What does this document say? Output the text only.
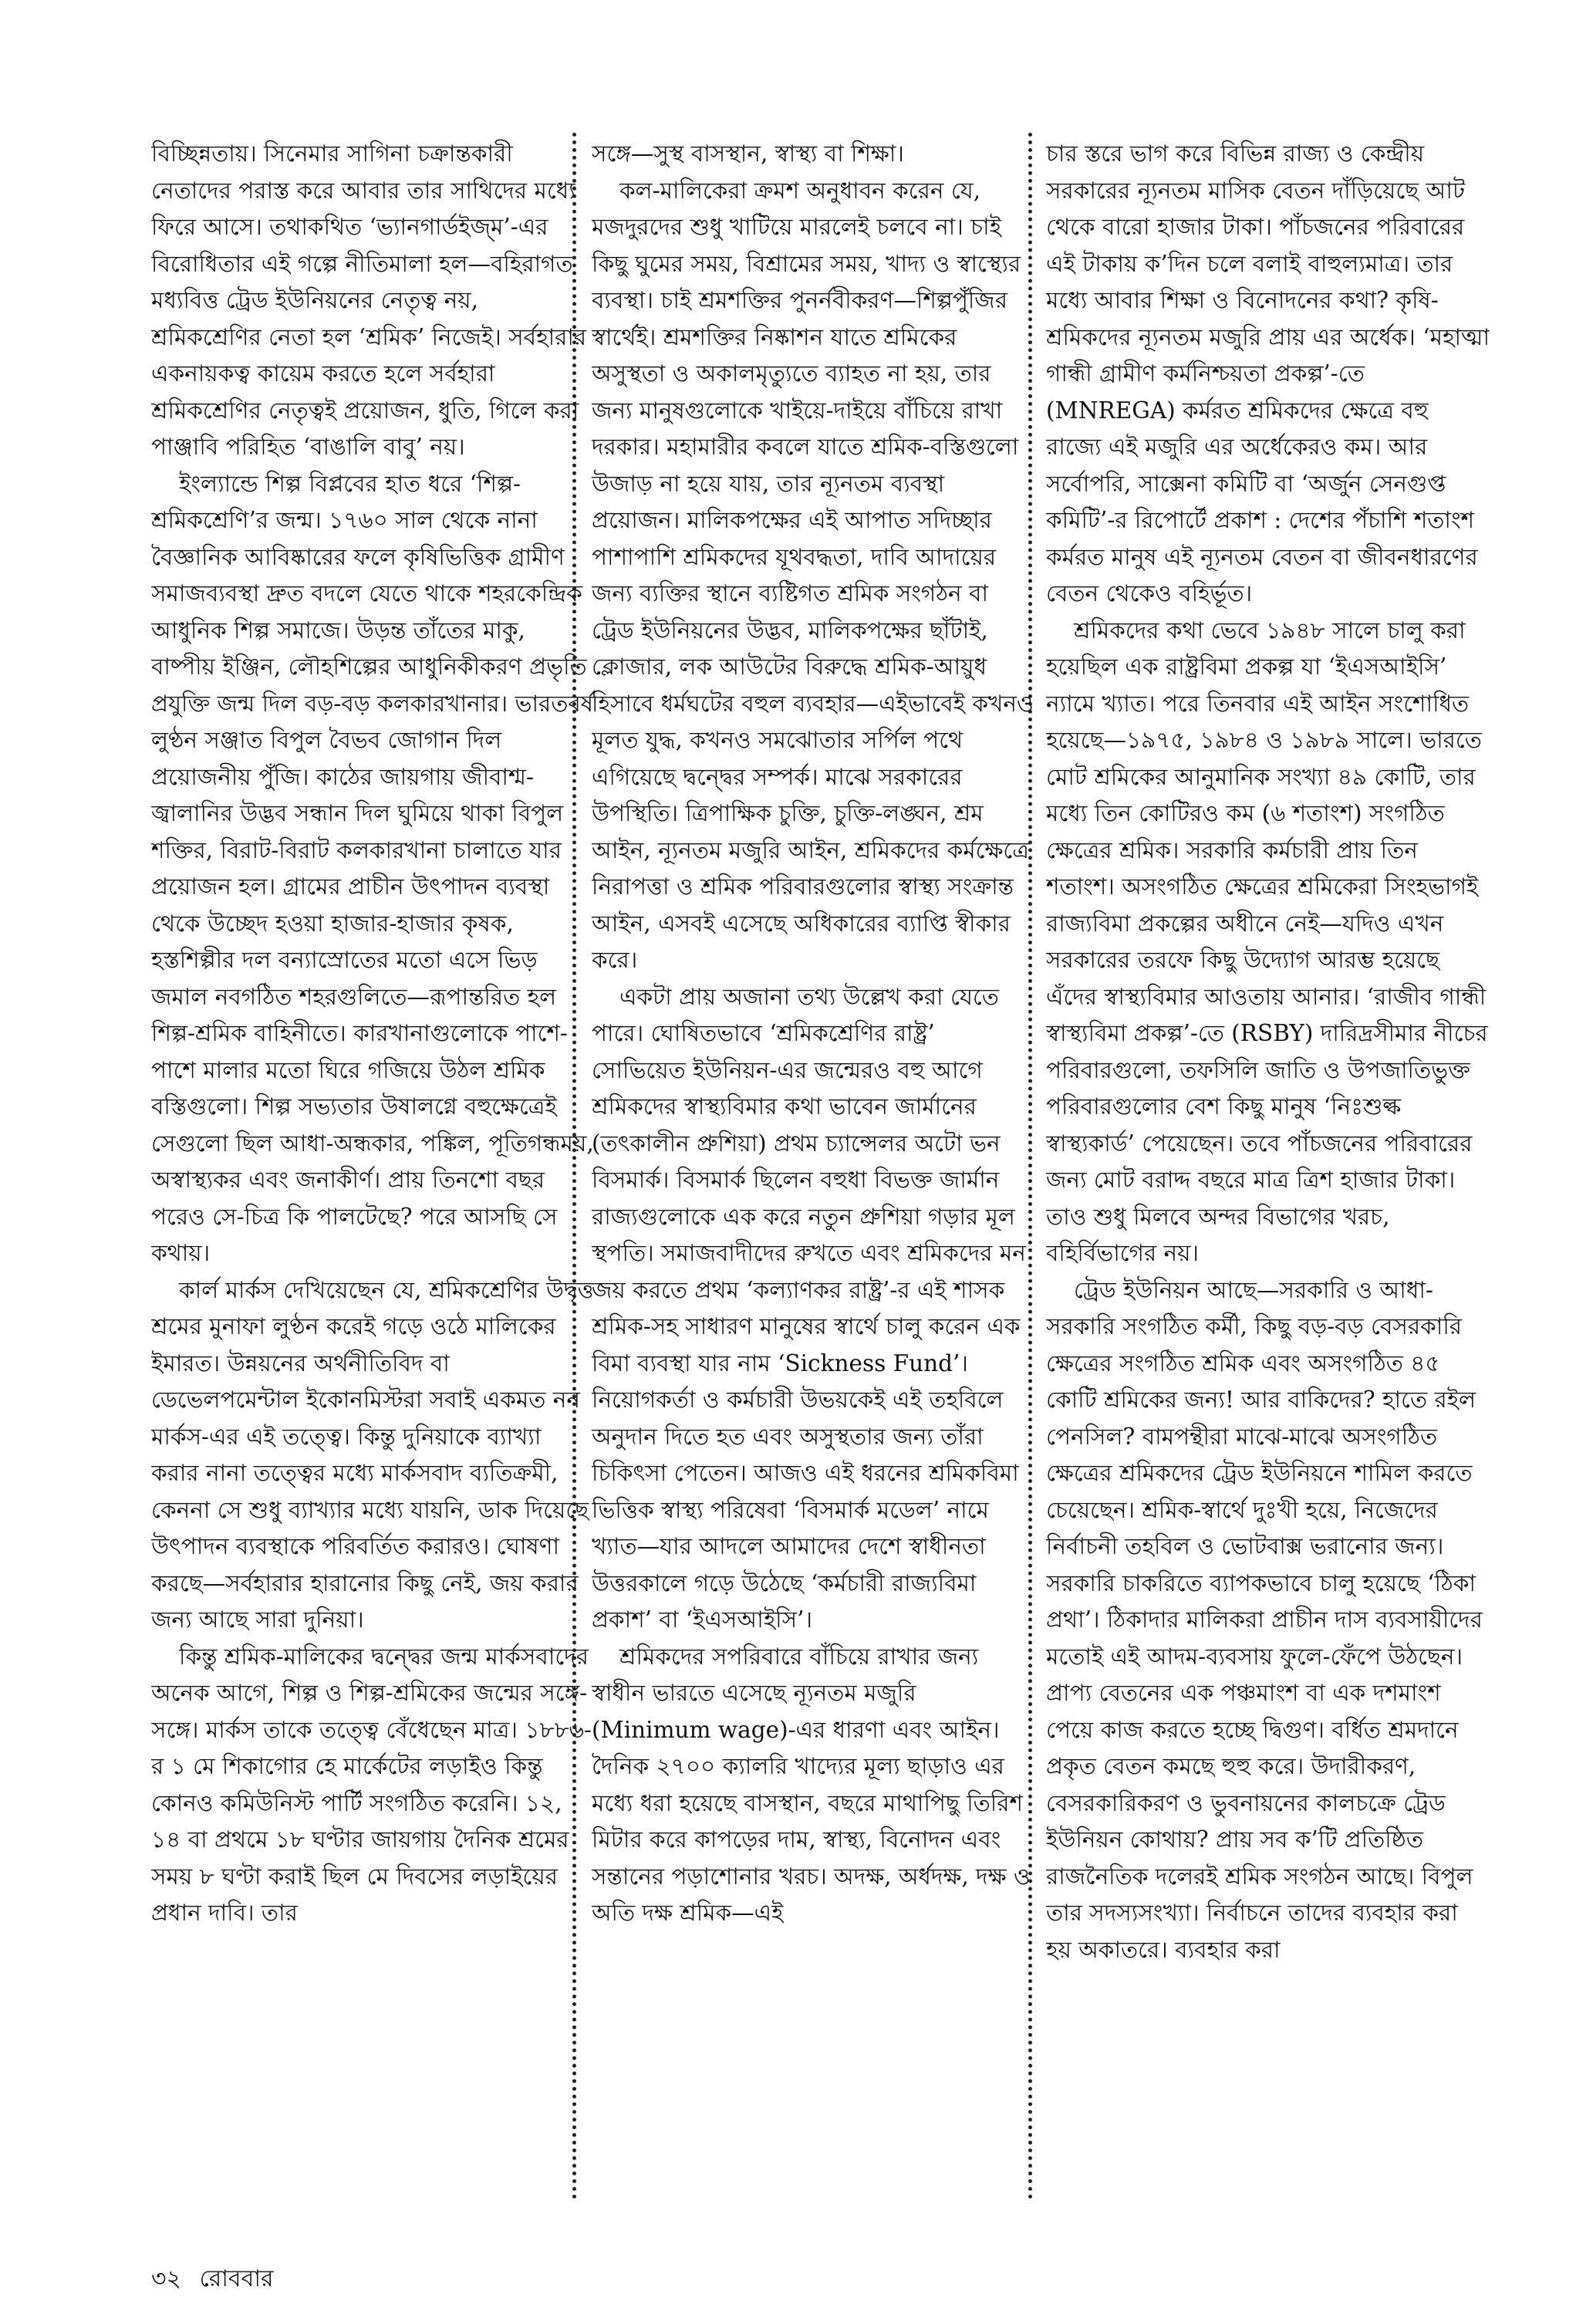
বিচ্ছিন্নতায়। সিনেমার সাগিনা চক্রান্তকারী নেতাদের পরাস্ত করে আবার তার সাথিদের মধ্যে ফিরে আসে। তথাকথিত ‘ভ্যানগার্ডইজ্‌ম’-এর বিরোধিতার এই গল্পে নীতিমালা হল—বহিরাগত মধ্যবিত্ত ট্রেড ইউনিয়নের নেতৃত্ব নয়, শ্রমিকশ্রেণির নেতা হল ‘শ্রমিক’ নিজেই। সর্বহারার একনায়কত্ব কায়েম করতে হলে সর্বহারা শ্রমিকশ্রেণির নেতৃত্বই প্রয়োজন, ধুতি, গিলে করা পাঞ্জাবি পরিহিত ‘বাঙালি বাবু’ নয়।

ইংল্যান্ডে শিল্প বিপ্লবের হাত ধরে ‘শিল্প-শ্রমিকশ্রেণি’র জন্ম। ১৭৬০ সাল থেকে নানা বৈজ্ঞানিক আবিষ্কারের ফলে কৃষিভিত্তিক গ্রামীণ সমাজব্যবস্থা দ্রুত বদলে যেতে থাকে শহরকেন্দ্রিক আধুনিক শিল্প সমাজে। উড়ন্ত তাঁতের মাকু, বাষ্পীয় ইঞ্জিন, লৌহশিল্পের আধুনিকীকরণ প্রভৃতি প্রযুক্তি জন্ম দিল বড়-বড় কলকারখানার। ভারতবর্ষ লুণ্ঠন সঞ্জাত বিপুল বৈভব জোগান দিল প্রয়োজনীয় পুঁজি। কাঠের জায়গায় জীবাশ্ম-জ্বালানির উদ্ভব সন্ধান দিল ঘুমিয়ে থাকা বিপুল শক্তির, বিরাট-বিরাট কলকারখানা চালাতে যার প্রয়োজন হল। গ্রামের প্রাচীন উৎপাদন ব্যবস্থা থেকে উচ্ছেদ হওয়া হাজার-হাজার কৃষক, হস্তশিল্পীর দল বন্যাস্রোতের মতো এসে ভিড় জমাল নবগঠিত শহরগুলিতে—রূপান্তরিত হল শিল্প-শ্রমিক বাহিনীতে। কারখানাগুলোকে পাশে-পাশে মালার মতো ঘিরে গজিয়ে উঠল শ্রমিক বস্তিগুলো। শিল্প সভ্যতার উষালগ্নে বহুক্ষেত্রেই সেগুলো ছিল আধা-অন্ধকার, পঙ্কিল, পূতিগন্ধময়, অস্বাস্থ্যকর এবং জনাকীর্ণ। প্রায় তিনশো বছর পরেও সে-চিত্র কি পালটেছে? পরে আসছি সে কথায়।

কার্ল মার্কস দেখিয়েছেন যে, শ্রমিকশ্রেণির উদ্বৃত্ত শ্রমের মুনাফা লুণ্ঠন করেই গড়ে ওঠে মালিকের ইমারত। উন্নয়নের অর্থনীতিবিদ বা ডেভেলপমেন্টাল ইকোনমিস্টরা সবাই একমত নন মার্কস-এর এই তত্ত্বে। কিন্তু দুনিয়াকে ব্যাখ্যা করার নানা তত্ত্বের মধ্যে মার্কসবাদ ব্যতিক্রমী, কেননা সে শুধু ব্যাখ্যার মধ্যে যায়নি, ডাক দিয়েছে উৎপাদন ব্যবস্থাকে পরিবর্তিত করারও। ঘোষণা করছে—সর্বহারার হারানোর কিছু নেই, জয় করার জন্য আছে সারা দুনিয়া।

কিন্তু শ্রমিক-মালিকের দ্বন্দ্বের জন্ম মার্কসবাদের অনেক আগে, শিল্প ও শিল্প-শ্রমিকের জন্মের সঙ্গে-সঙ্গে। মার্কস তাকে তত্ত্বে বেঁধেছেন মাত্র। ১৮৮৬-র ১ মে শিকাগোর হে মার্কেটের লড়াইও কিন্তু কোনও কমিউনিস্ট পার্টি সংগঠিত করেনি। ১২, ১৪ বা প্রথমে ১৮ ঘণ্টার জায়গায় দৈনিক শ্রমের সময় ৮ ঘণ্টা করাই ছিল মে দিবসের লড়াইয়ের প্রধান দাবি। তার

সঙ্গে—সুস্থ বাসস্থান, স্বাস্থ্য বা শিক্ষা।

কল-মালিকেরা ক্রমশ অনুধাবন করেন যে, মজদুরদের শুধু খাটিয়ে মারলেই চলবে না। চাই কিছু ঘুমের সময়, বিশ্রামের সময়, খাদ্য ও স্বাস্থ্যের ব্যবস্থা। চাই শ্রমশক্তির পুনর্নবীকরণ—শিল্পপুঁজির স্বার্থেই। শ্রমশক্তির নিষ্কাশন যাতে শ্রমিকের অসুস্থতা ও অকালমৃত্যুতে ব্যাহত না হয়, তার জন্য মানুষগুলোকে খাইয়ে-দাইয়ে বাঁচিয়ে রাখা দরকার। মহামারীর কবলে যাতে শ্রমিক-বস্তিগুলো উজাড় না হয়ে যায়, তার ন্যূনতম ব্যবস্থা প্রয়োজন। মালিকপক্ষের এই আপাত সদিচ্ছার পাশাপাশি শ্রমিকদের যূথবদ্ধতা, দাবি আদায়ের জন্য ব্যক্তির স্থানে ব্যষ্টিগত শ্রমিক সংগঠন বা ট্রেড ইউনিয়নের উদ্ভব, মালিকপক্ষের ছাঁটাই, ক্লোজার, লক আউটের বিরুদ্ধে শ্রমিক-আয়ুধ হিসাবে ধর্মঘটের বহুল ব্যবহার—এইভাবেই কখনও মূলত যুদ্ধ, কখনও সমঝোতার সর্পিল পথে এগিয়েছে দ্বন্দ্বের সম্পর্ক। মাঝে সরকারের উপস্থিতি। ত্রিপাক্ষিক চুক্তি, চুক্তি-লঙ্ঘন, শ্রম আইন, ন্যূনতম মজুরি আইন, শ্রমিকদের কর্মক্ষেত্রে নিরাপত্তা ও শ্রমিক পরিবারগুলোর স্বাস্থ্য সংক্রান্ত আইন, এসবই এসেছে অধিকারের ব্যাপ্তি স্বীকার করে।

একটা প্রায় অজানা তথ্য উল্লেখ করা যেতে পারে। ঘোষিতভাবে ‘শ্রমিকশ্রেণির রাষ্ট্র’ সোভিয়েত ইউনিয়ন-এর জন্মেরও বহু আগে শ্রমিকদের স্বাস্থ্যবিমার কথা ভাবেন জার্মানের (তৎকালীন প্রুশিয়া) প্রথম চ্যান্সেলর অটো ভন বিসমার্ক। বিসমার্ক ছিলেন বহুধা বিভক্ত জার্মান রাজ্যগুলোকে এক করে নতুন প্রুশিয়া গড়ার মূল স্থপতি। সমাজবাদীদের রুখতে এবং শ্রমিকদের মন জয় করতে প্রথম ‘কল্যাণকর রাষ্ট্র’-র এই শাসক শ্রমিক-সহ সাধারণ মানুষের স্বার্থে চালু করেন এক বিমা ব্যবস্থা যার নাম ‘Sickness Fund’। নিয়োগকর্তা ও কর্মচারী উভয়কেই এই তহবিলে অনুদান দিতে হত এবং অসুস্থতার জন্য তাঁরা চিকিৎসা পেতেন। আজও এই ধরনের শ্রমিকবিমা ভিত্তিক স্বাস্থ্য পরিষেবা ‘বিসমার্ক মডেল’ নামে খ্যাত—যার আদলে আমাদের দেশে স্বাধীনতা উত্তরকালে গড়ে উঠেছে ‘কর্মচারী রাজ্যবিমা প্রকাশ’ বা ‘ইএসআইসি’।

শ্রমিকদের সপরিবারে বাঁচিয়ে রাখার জন্য স্বাধীন ভারতে এসেছে ন্যূনতম মজুরি (Minimum wage)-এর ধারণা এবং আইন। দৈনিক ২৭০০ ক্যালরি খাদ্যের মূল্য ছাড়াও এর মধ্যে ধরা হয়েছে বাসস্থান, বছরে মাথাপিছু তিরিশ মিটার করে কাপড়ের দাম, স্বাস্থ্য, বিনোদন এবং সন্তানের পড়াশোনার খরচ। অদক্ষ, অর্ধদক্ষ, দক্ষ ও অতি দক্ষ শ্রমিক—এই

চার স্তরে ভাগ করে বিভিন্ন রাজ্য ও কেন্দ্রীয় সরকারের ন্যূনতম মাসিক বেতন দাঁড়িয়েছে আট থেকে বারো হাজার টাকা। পাঁচজনের পরিবারের এই টাকায় ক’দিন চলে বলাই বাহুল্যমাত্র। তার মধ্যে আবার শিক্ষা ও বিনোদনের কথা? কৃষি-শ্রমিকদের ন্যূনতম মজুরি প্রায় এর অর্ধেক। ‘মহাত্মা গান্ধী গ্রামীণ কর্মনিশ্চয়তা প্রকল্প’-তে (MNREGA) কর্মরত শ্রমিকদের ক্ষেত্রে বহু রাজ্যে এই মজুরি এর অর্ধেকেরও কম। আর সর্বোপরি, সাক্সেনা কমিটি বা ‘অর্জুন সেনগুপ্ত কমিটি’-র রিপোর্টে প্রকাশ : দেশের পঁচাশি শতাংশ কর্মরত মানুষ এই ন্যূনতম বেতন বা জীবনধারণের বেতন থেকেও বহির্ভূত।

শ্রমিকদের কথা ভেবে ১৯৪৮ সালে চালু করা হয়েছিল এক রাষ্ট্রবিমা প্রকল্প যা ‘ইএসআইসি’ ন্যামে খ্যাত। পরে তিনবার এই আইন সংশোধিত হয়েছে—১৯৭৫, ১৯৮৪ ও ১৯৮৯ সালে। ভারতে মোট শ্রমিকের আনুমানিক সংখ্যা ৪৯ কোটি, তার মধ্যে তিন কোটিরও কম (৬ শতাংশ) সংগঠিত ক্ষেত্রের শ্রমিক। সরকারি কর্মচারী প্রায় তিন শতাংশ। অসংগঠিত ক্ষেত্রের শ্রমিকেরা সিংহভাগই রাজ্যবিমা প্রকল্পের অধীনে নেই—যদিও এখন সরকারের তরফে কিছু উদ্যোগ আরম্ভ হয়েছে এঁদের স্বাস্থ্যবিমার আওতায় আনার। ‘রাজীব গান্ধী স্বাস্থ্যবিমা প্রকল্প’-তে (RSBY) দারিদ্রসীমার নীচের পরিবারগুলো, তফসিলি জাতি ও উপজাতিভুক্ত পরিবারগুলোর বেশ কিছু মানুষ ‘নিঃশুল্ক স্বাস্থ্যকার্ড’ পেয়েছেন। তবে পাঁচজনের পরিবারের জন্য মোট বরাদ্দ বছরে মাত্র ত্রিশ হাজার টাকা। তাও শুধু মিলবে অন্দর বিভাগের খরচ, বহির্বিভাগের নয়।

ট্রেড ইউনিয়ন আছে—সরকারি ও আধা-সরকারি সংগঠিত কর্মী, কিছু বড়-বড় বেসরকারি ক্ষেত্রের সংগঠিত শ্রমিক এবং অসংগঠিত ৪৫ কোটি শ্রমিকের জন্য! আর বাকিদের? হাতে রইল পেনসিল? বামপন্থীরা মাঝে-মাঝে অসংগঠিত ক্ষেত্রের শ্রমিকদের ট্রেড ইউনিয়নে শামিল করতে চেয়েছেন। শ্রমিক-স্বার্থে দুঃখী হয়ে, নিজেদের নির্বাচনী তহবিল ও ভোটবাক্স ভরানোর জন্য। সরকারি চাকরিতে ব্যাপকভাবে চালু হয়েছে ‘ঠিকা প্রথা’। ঠিকাদার মালিকরা প্রাচীন দাস ব্যবসায়ীদের মতোই এই আদম-ব্যবসায় ফুলে-ফেঁপে উঠছেন। প্রাপ্য বেতনের এক পঞ্চমাংশ বা এক দশমাংশ পেয়ে কাজ করতে হচ্ছে দ্বিগুণ। বর্ধিত শ্রমদানে প্রকৃত বেতন কমছে হুহু করে। উদারীকরণ, বেসরকারিকরণ ও ভুবনায়নের কালচক্রে ট্রেড ইউনিয়ন কোথায়? প্রায় সব ক’টি প্রতিষ্ঠিত রাজনৈতিক দলেরই শ্রমিক সংগঠন আছে। বিপুল তার সদস্যসংখ্যা। নির্বাচনে তাদের ব্যবহার করা হয় অকাতরে। ব্যবহার করা

৩২ রোববার
